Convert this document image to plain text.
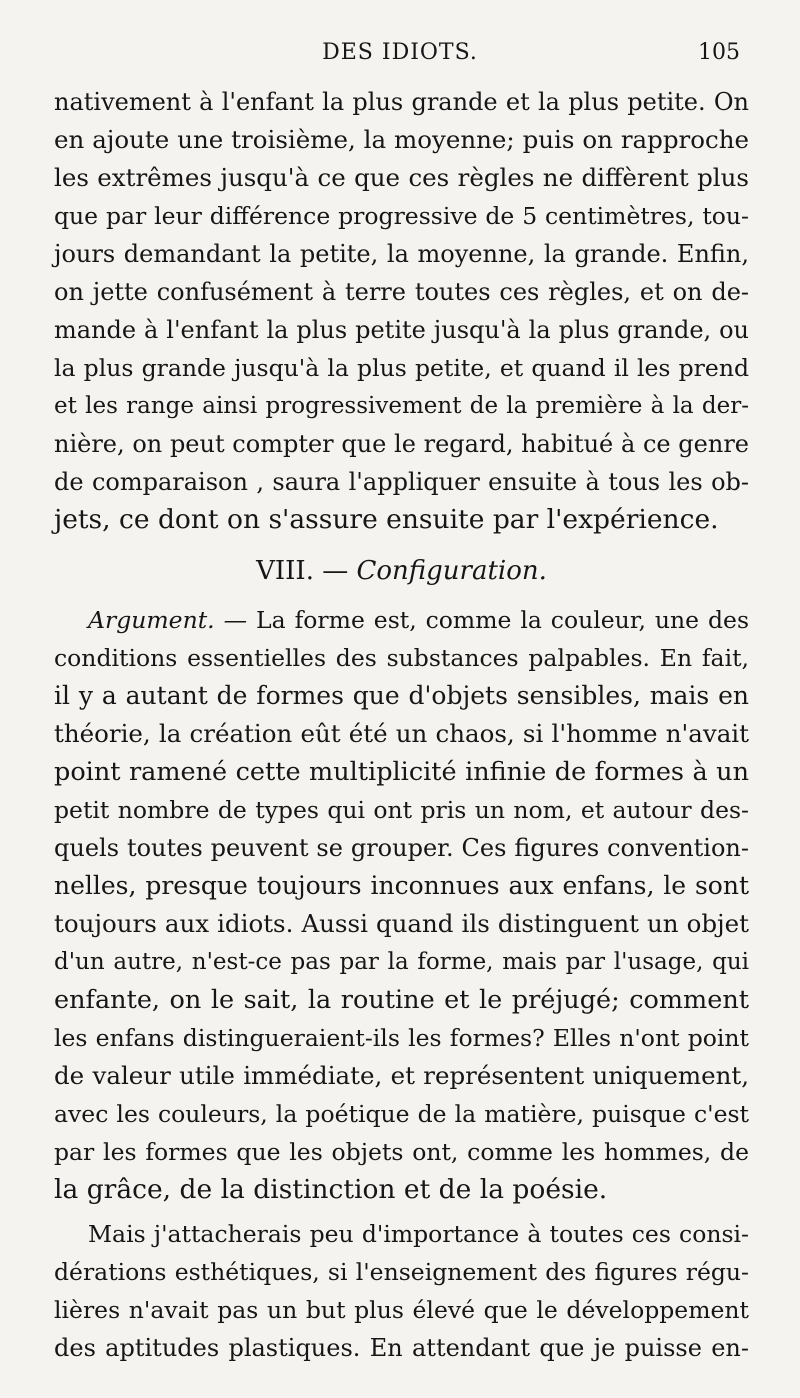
DES IDIOTS.	105
nativement à l'enfant la plus grande et la plus petite. On
en ajoute une troisième, la moyenne; puis on rapproche
les extrêmes jusqu'à ce que ces règles ne diffèrent plus
que par leur différence progressive de 5 centimètres, tou-
jours demandant la petite, la moyenne, la grande. Enfin,
on jette confusément à terre toutes ces règles, et on de-
mande à l'enfant la plus petite jusqu'à la plus grande, ou
la plus grande jusqu'à la plus petite, et quand il les prend
et les range ainsi progressivement de la première à la der-
nière, on peut compter que le regard, habitué à ce genre
de comparaison , saura l'appliquer ensuite à tous les ob-
jets, ce dont on s'assure ensuite par l'expérience.
VIII. — Configuration.
Argument. — La forme est, comme la couleur, une des
conditions essentielles des substances palpables. En fait,
il y a autant de formes que d'objets sensibles, mais en
théorie, la création eût été un chaos, si l'homme n'avait
point ramené cette multiplicité infinie de formes à un
petit nombre de types qui ont pris un nom, et autour des-
quels toutes peuvent se grouper. Ces figures convention-
nelles, presque toujours inconnues aux enfans, le sont
toujours aux idiots. Aussi quand ils distinguent un objet
d'un autre, n'est-ce pas par la forme, mais par l'usage, qui
enfante, on le sait, la routine et le préjugé; comment
les enfans distingueraient-ils les formes? Elles n'ont point
de valeur utile immédiate, et représentent uniquement,
avec les couleurs, la poétique de la matière, puisque c'est
par les formes que les objets ont, comme les hommes, de
la grâce, de la distinction et de la poésie.
Mais j'attacherais peu d'importance à toutes ces consi-
dérations esthétiques, si l'enseignement des figures régu-
lières n'avait pas un but plus élevé que le développement
des aptitudes plastiques. En attendant que je puisse en-
